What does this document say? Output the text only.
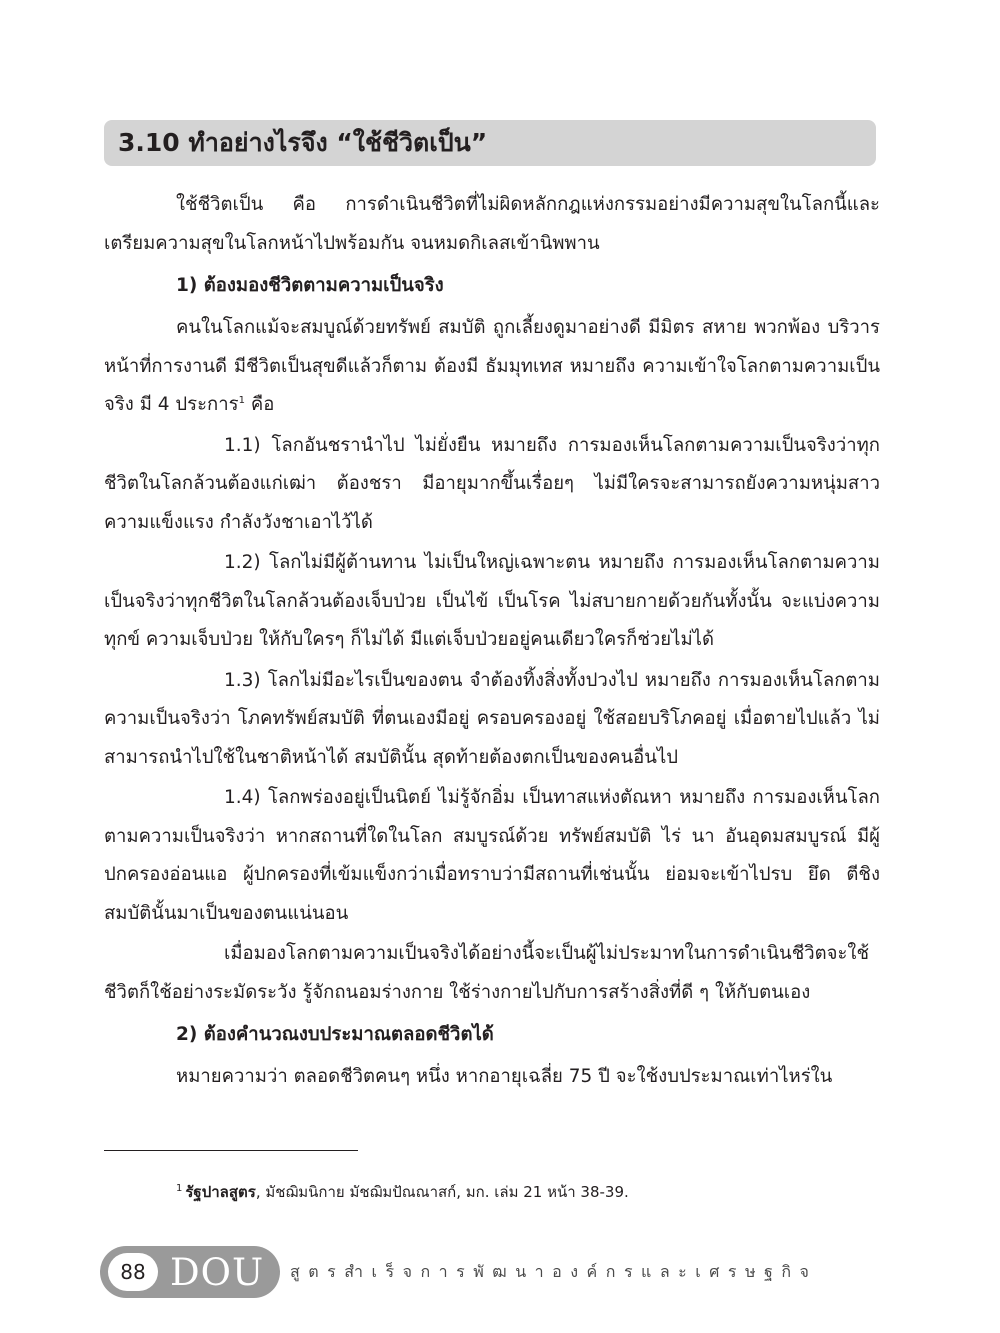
3.10 ทำอย่างไรจึง “ใช้ชีวิตเป็น”

ใช้ชีวิตเป็น คือ การดำเนินชีวิตที่ไม่ผิดหลักกฎแห่งกรรมอย่างมีความสุขในโลกนี้และเตรียมความสุขในโลกหน้าไปพร้อมกัน จนหมดกิเลสเข้านิพพาน

1) ต้องมองชีวิตตามความเป็นจริง

คนในโลกแม้จะสมบูณ์ด้วยทรัพย์ สมบัติ ถูกเลี้ยงดูมาอย่างดี มีมิตร สหาย พวกพ้อง บริวาร หน้าที่การงานดี มีชีวิตเป็นสุขดีแล้วก็ตาม ต้องมี ธัมมุทเทส หมายถึง ความเข้าใจโลกตามความเป็นจริง มี 4 ประการ$^1$ คือ

1.1) โลกอันชรานำไป ไม่ยั่งยืน หมายถึง การมองเห็นโลกตามความเป็นจริงว่าทุกชีวิตในโลกล้วนต้องแก่เฒ่า ต้องชรา มีอายุมากขึ้นเรื่อยๆ ไม่มีใครจะสามารถยังความหนุ่มสาว ความแข็งแรง กำลังวังชาเอาไว้ได้

1.2) โลกไม่มีผู้ต้านทาน ไม่เป็นใหญ่เฉพาะตน หมายถึง การมองเห็นโลกตามความเป็นจริงว่าทุกชีวิตในโลกล้วนต้องเจ็บป่วย เป็นไข้ เป็นโรค ไม่สบายกายด้วยกันทั้งนั้น จะแบ่งความทุกข์ ความเจ็บป่วย ให้กับใครๆ ก็ไม่ได้ มีแต่เจ็บป่วยอยู่คนเดียวใครก็ช่วยไม่ได้

1.3) โลกไม่มีอะไรเป็นของตน จำต้องทิ้งสิ่งทั้งปวงไป หมายถึง การมองเห็นโลกตามความเป็นจริงว่า โภคทรัพย์สมบัติ ที่ตนเองมีอยู่ ครอบครองอยู่ ใช้สอยบริโภคอยู่ เมื่อตายไปแล้ว ไม่สามารถนำไปใช้ในชาติหน้าได้ สมบัตินั้น สุดท้ายต้องตกเป็นของคนอื่นไป

1.4) โลกพร่องอยู่เป็นนิตย์ ไม่รู้จักอิ่ม เป็นทาสแห่งตัณหา หมายถึง การมองเห็นโลกตามความเป็นจริงว่า หากสถานที่ใดในโลก สมบูรณ์ด้วย ทรัพย์สมบัติ ไร่ นา อันอุดมสมบูรณ์ มีผู้ปกครองอ่อนแอ ผู้ปกครองที่เข้มแข็งกว่าเมื่อทราบว่ามีสถานที่เช่นนั้น ย่อมจะเข้าไปรบ ยึด ตีชิง สมบัตินั้นมาเป็นของตนแน่นอน

เมื่อมองโลกตามความเป็นจริงได้อย่างนี้จะเป็นผู้ไม่ประมาทในการดำเนินชีวิตจะใช้ชีวิตก็ใช้อย่างระมัดระวัง รู้จักถนอมร่างกาย ใช้ร่างกายไปกับการสร้างสิ่งที่ดี ๆ ให้กับตนเอง

2) ต้องคำนวณงบประมาณตลอดชีวิตได้

หมายความว่า ตลอดชีวิตคนๆ หนึ่ง หากอายุเฉลี่ย 75 ปี จะใช้งบประมาณเท่าไหร่ใน

$^1$ รัฐปาลสูตร, มัชฌิมนิกาย มัชฌิมปัณณาสก์, มก. เล่ม 21 หน้า 38-39.
88 DOU สูตรสำเร็จการพัฒนาองค์กรและเศรษฐกิจ
